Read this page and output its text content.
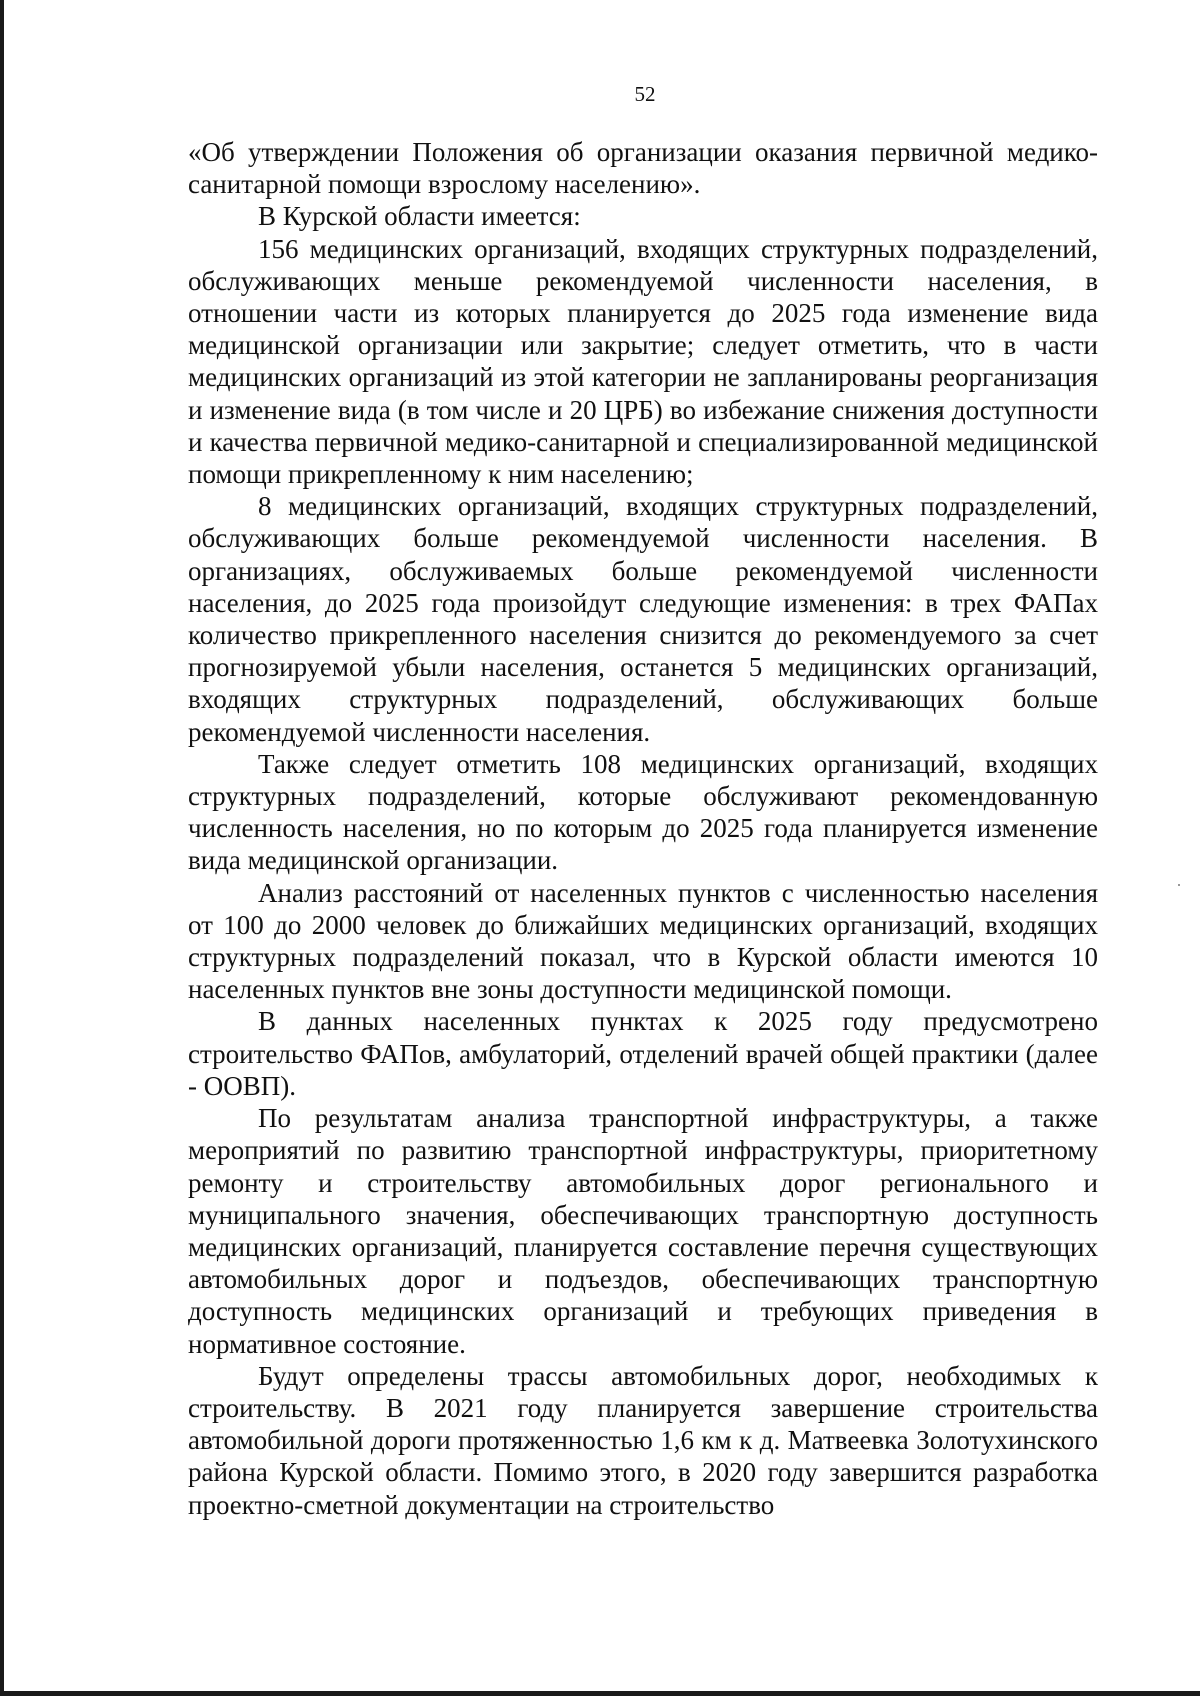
52

«Об утверждении Положения об организации оказания первичной медико-санитарной помощи взрослому населению».

В Курской области имеется:

156 медицинских организаций, входящих структурных подразделений, обслуживающих меньше рекомендуемой численности населения, в отношении части из которых планируется до 2025 года изменение вида медицинской организации или закрытие; следует отметить, что в части медицинских организаций из этой категории не запланированы реорганизация и изменение вида (в том числе и 20 ЦРБ) во избежание снижения доступности и качества первичной медико-санитарной и специализированной медицинской помощи прикрепленному к ним населению;

8 медицинских организаций, входящих структурных подразделений, обслуживающих больше рекомендуемой численности населения. В организациях, обслуживаемых больше рекомендуемой численности населения, до 2025 года произойдут следующие изменения: в трех ФАПах количество прикрепленного населения снизится до рекомендуемого за счет прогнозируемой убыли населения, останется 5 медицинских организаций, входящих структурных подразделений, обслуживающих больше рекомендуемой численности населения.

Также следует отметить 108 медицинских организаций, входящих структурных подразделений, которые обслуживают рекомендованную численность населения, но по которым до 2025 года планируется изменение вида медицинской организации.

Анализ расстояний от населенных пунктов с численностью населения от 100 до 2000 человек до ближайших медицинских организаций, входящих структурных подразделений показал, что в Курской области имеются 10 населенных пунктов вне зоны доступности медицинской помощи.

В данных населенных пунктах к 2025 году предусмотрено строительство ФАПов, амбулаторий, отделений врачей общей практики (далее - ООВП).

По результатам анализа транспортной инфраструктуры, а также мероприятий по развитию транспортной инфраструктуры, приоритетному ремонту и строительству автомобильных дорог регионального и муниципального значения, обеспечивающих транспортную доступность медицинских организаций, планируется составление перечня существующих автомобильных дорог и подъездов, обеспечивающих транспортную доступность медицинских организаций и требующих приведения в нормативное состояние.

Будут определены трассы автомобильных дорог, необходимых к строительству. В 2021 году планируется завершение строительства автомобильной дороги протяженностью 1,6 км к д. Матвеевка Золотухинского района Курской области. Помимо этого, в 2020 году завершится разработка проектно-сметной документации на строительство
